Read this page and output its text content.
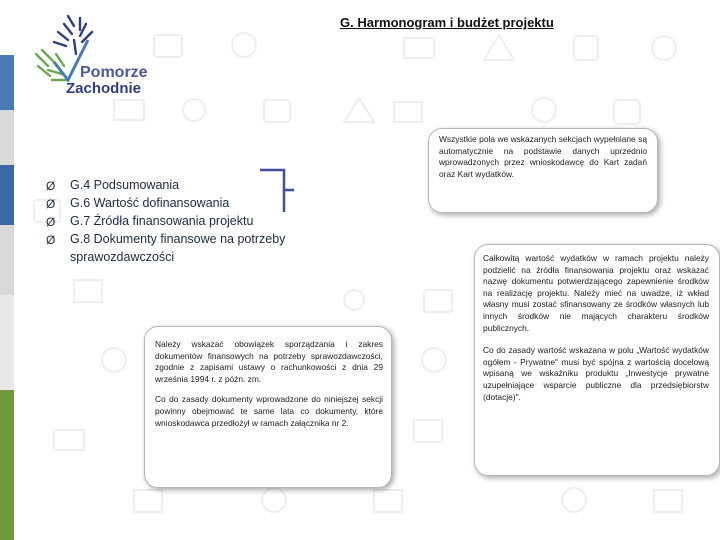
Pomorze
Zachodnie
G. Harmonogram i budżet projektu
Ø G.4 Podsumowania
Ø G.6 Wartość dofinansowania
Ø G.7 Źródła finansowania projektu
Ø G.8 Dokumenty finansowe na potrzeby sprawozdawczości

Wszystkie pola we wskazanych sekcjach wypełniane są automatycznie na podstawie danych uprzednio wprowadzonych przez wnioskodawcę do Kart zadań oraz Kart wydatków.

Należy wskazać obowiązek sporządzania i zakres dokumentów finansowych na potrzeby sprawozdawczości, zgodnie z zapisami ustawy o rachunkowości z dnia 29 września 1994 r. z późn. zm.

Co do zasady dokumenty wprowadzone do niniejszej sekcji powinny obejmować te same lata co dokumenty, które wnioskodawca przedłożył w ramach załącznika nr 2.

Całkowitą wartość wydatków w ramach projektu należy podzielić na źródła finansowania projektu oraz wskazać nazwę dokumentu potwierdzającego zapewnienie środków na realizację projektu. Należy mieć na uwadze, iż wkład własny musi zostać sfinansowany ze środków własnych lub innych środków nie mających charakteru środków publicznych.

Co do zasady wartość wskazana w polu „Wartość wydatków ogółem - Prywatne" musi być spójna z wartością docelową wpisaną we wskaźniku produktu „Inwestycje prywatne uzupełniające wsparcie publiczne dla przedsiębiorstw (dotacje)".
